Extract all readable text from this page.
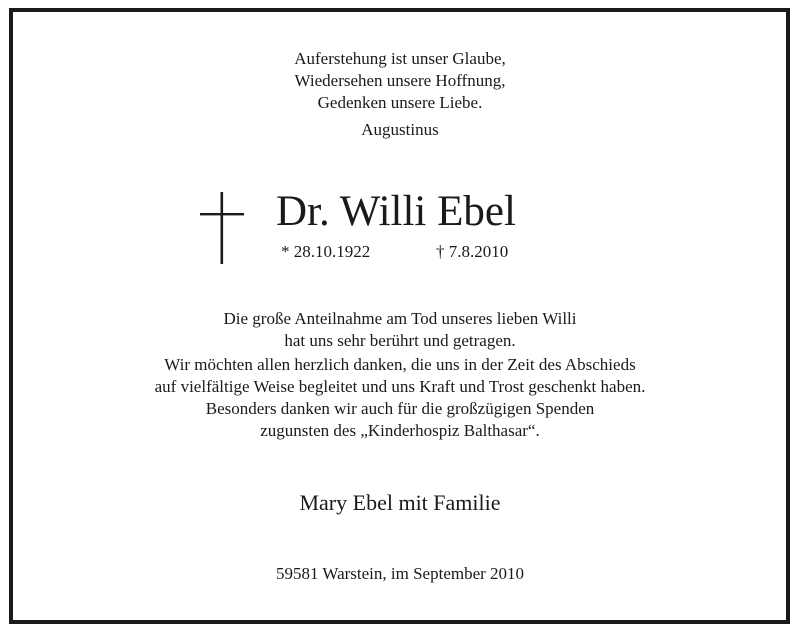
Auferstehung ist unser Glaube,
Wiedersehen unsere Hoffnung,
Gedenken unsere Liebe.
Augustinus
Dr. Willi Ebel
* 28.10.1922	† 7.8.2010
Die große Anteilnahme am Tod unseres lieben Willi
hat uns sehr berührt und getragen.
Wir möchten allen herzlich danken, die uns in der Zeit des Abschieds
auf vielfältige Weise begleitet und uns Kraft und Trost geschenkt haben.
Besonders danken wir auch für die großzügigen Spenden
zugunsten des „Kinderhospiz Balthasar“.
Mary Ebel mit Familie
59581 Warstein, im September 2010
